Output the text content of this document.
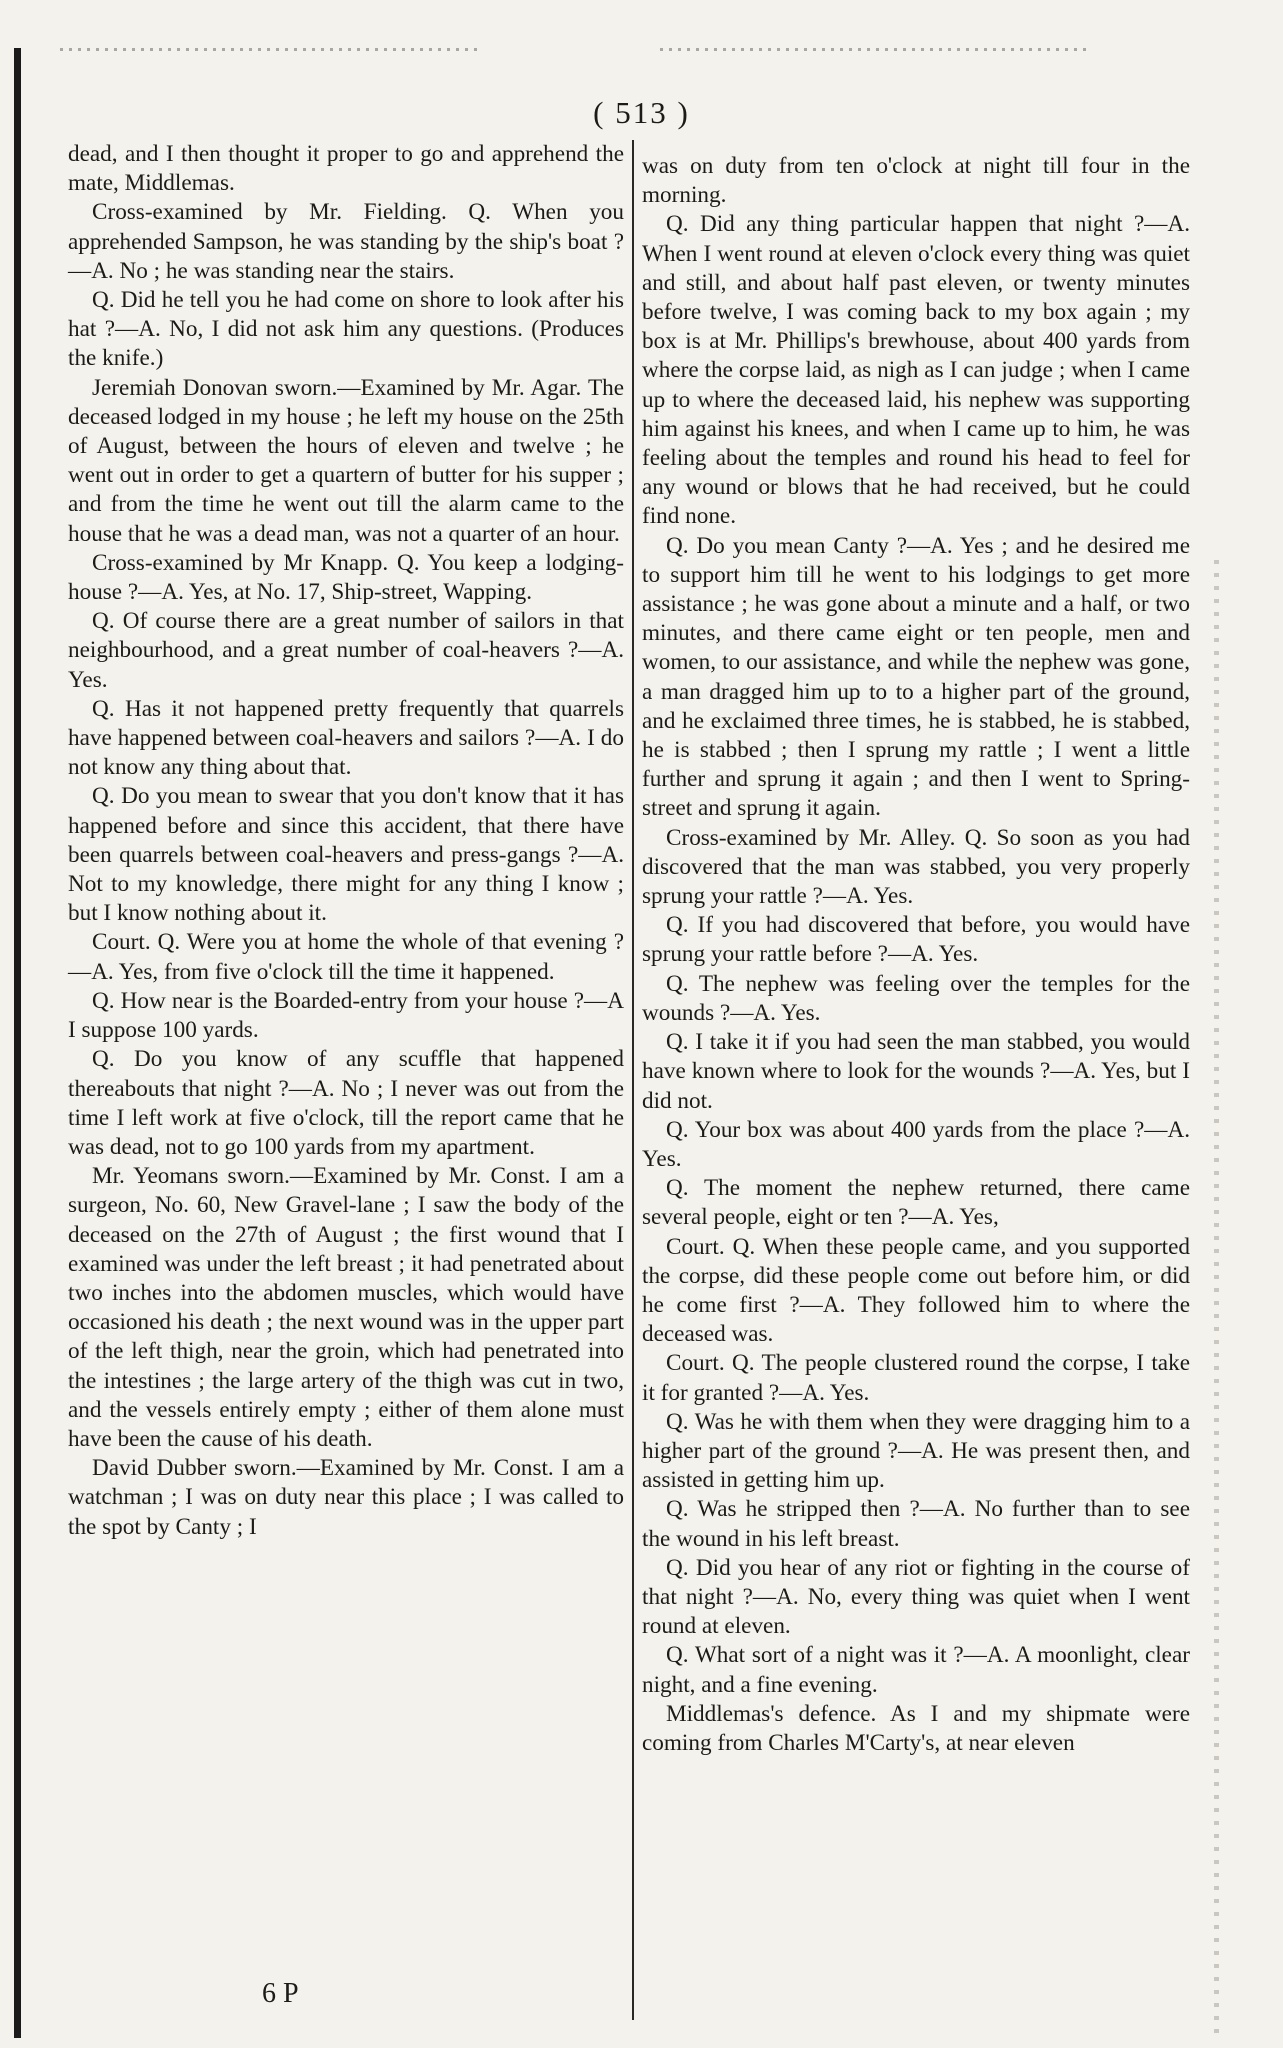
( 513 )

dead, and I then thought it proper to go and apprehend the mate, Middlemas.

Cross-examined by Mr. Fielding. Q. When you apprehended Sampson, he was standing by the ship's boat ?—A. No ; he was standing near the stairs.

Q. Did he tell you he had come on shore to look after his hat ?—A. No, I did not ask him any questions. (Produces the knife.)

Jeremiah Donovan sworn.—Examined by Mr. Agar. The deceased lodged in my house ; he left my house on the 25th of August, between the hours of eleven and twelve ; he went out in order to get a quartern of butter for his supper ; and from the time he went out till the alarm came to the house that he was a dead man, was not a quarter of an hour.

Cross-examined by Mr Knapp. Q. You keep a lodging-house ?—A. Yes, at No. 17, Ship-street, Wapping.

Q. Of course there are a great number of sailors in that neighbourhood, and a great number of coal-heavers ?—A. Yes.

Q. Has it not happened pretty frequently that quarrels have happened between coal-heavers and sailors ?—A. I do not know any thing about that.

Q. Do you mean to swear that you don't know that it has happened before and since this accident, that there have been quarrels between coal-heavers and press-gangs ?—A. Not to my knowledge, there might for any thing I know ; but I know nothing about it.

Court. Q. Were you at home the whole of that evening ?—A. Yes, from five o'clock till the time it happened.

Q. How near is the Boarded-entry from your house ?—A I suppose 100 yards.

Q. Do you know of any scuffle that happened thereabouts that night ?—A. No ; I never was out from the time I left work at five o'clock, till the report came that he was dead, not to go 100 yards from my apartment.

Mr. Yeomans sworn.—Examined by Mr. Const. I am a surgeon, No. 60, New Gravel-lane ; I saw the body of the deceased on the 27th of August ; the first wound that I examined was under the left breast ; it had penetrated about two inches into the abdomen muscles, which would have occasioned his death ; the next wound was in the upper part of the left thigh, near the groin, which had penetrated into the intestines ; the large artery of the thigh was cut in two, and the vessels entirely empty ; either of them alone must have been the cause of his death.

David Dubber sworn.—Examined by Mr. Const. I am a watchman ; I was on duty near this place ; I was called to the spot by Canty ; I

was on duty from ten o'clock at night till four in the morning.

Q. Did any thing particular happen that night ?—A. When I went round at eleven o'clock every thing was quiet and still, and about half past eleven, or twenty minutes before twelve, I was coming back to my box again ; my box is at Mr. Phillips's brewhouse, about 400 yards from where the corpse laid, as nigh as I can judge ; when I came up to where the deceased laid, his nephew was supporting him against his knees, and when I came up to him, he was feeling about the temples and round his head to feel for any wound or blows that he had received, but he could find none.

Q. Do you mean Canty ?—A. Yes ; and he desired me to support him till he went to his lodgings to get more assistance ; he was gone about a minute and a half, or two minutes, and there came eight or ten people, men and women, to our assistance, and while the nephew was gone, a man dragged him up to to a higher part of the ground, and he exclaimed three times, he is stabbed, he is stabbed, he is stabbed ; then I sprung my rattle ; I went a little further and sprung it again ; and then I went to Spring-street and sprung it again.

Cross-examined by Mr. Alley. Q. So soon as you had discovered that the man was stabbed, you very properly sprung your rattle ?—A. Yes.

Q. If you had discovered that before, you would have sprung your rattle before ?—A. Yes.

Q. The nephew was feeling over the temples for the wounds ?—A. Yes.

Q. I take it if you had seen the man stabbed, you would have known where to look for the wounds ?—A. Yes, but I did not.

Q. Your box was about 400 yards from the place ?—A. Yes.

Q. The moment the nephew returned, there came several people, eight or ten ?—A. Yes,

Court. Q. When these people came, and you supported the corpse, did these people come out before him, or did he come first ?—A. They followed him to where the deceased was.

Court. Q. The people clustered round the corpse, I take it for granted ?—A. Yes.

Q. Was he with them when they were dragging him to a higher part of the ground ?—A. He was present then, and assisted in getting him up.

Q. Was he stripped then ?—A. No further than to see the wound in his left breast.

Q. Did you hear of any riot or fighting in the course of that night ?—A. No, every thing was quiet when I went round at eleven.

Q. What sort of a night was it ?—A. A moonlight, clear night, and a fine evening.

Middlemas's defence. As I and my shipmate were coming from Charles M'Carty's, at near eleven

6 P
